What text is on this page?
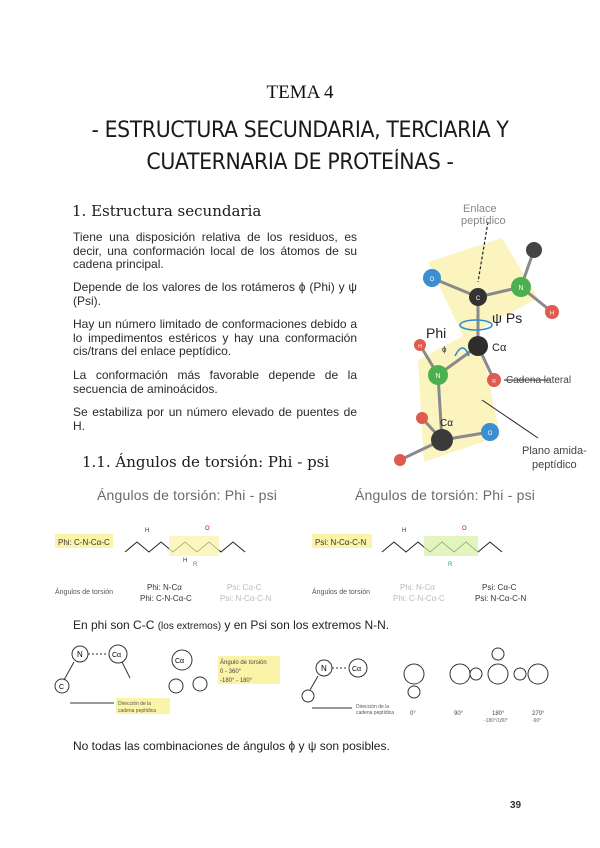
TEMA 4
- ESTRUCTURA SECUNDARIA, TERCIARIA Y
CUATERNARIA DE PROTEÍNAS -
1. Estructura secundaria
Tiene una disposición relativa de los residuos, es decir, una conformación local de los átomos de su cadena principal.
Depende de los valores de los rotámeros ϕ (Phi) y ψ (Psi).
Hay un número limitado de conformaciones debido a lo impedimentos estéricos y hay una conformación cis/trans del enlace peptídico.
La conformación más favorable depende de la secuencia de aminoácidos.
Se estabiliza por un número elevado de puentes de H.
O
N
N
H
H
C
O
R
Enlace
peptídico
ψ Ps
Phi
ϕ	Cα
Cα
Cadena lateral
Plano amida-
peptídico
1.1. Ángulos de torsión: Phi - psi
Ángulos de torsión: Phi - psi	Ángulos de torsión: Phi - psi
Phi: C-N-Cα-C
H
H
O
R
Ángulos de torsión
Phi: N-Cα
Phi: C-N-Cα-C
Psi: Cα-C
Psi: N-Cα-C-N
Psi: N-Cα-C-N
H	O
R
Ángulos de torsión
Phi: N-Cα
Phi: C-N-Cα-C
Psi: Cα-C
Psi: N-Cα-C-N
En phi son C-C (los extremos) y en Psi son los extremos N-N.
N	Cα
C
Cα
Dirección de la
cadena peptídica
Ángulo de torsión
0 - 360°
-180° - 180°
N	Cα
Dirección de la
cadena peptídica	0°	90°	180°	270°
-180°/180°	-90°
No todas las combinaciones de ángulos ϕ y ψ son posibles.
39
